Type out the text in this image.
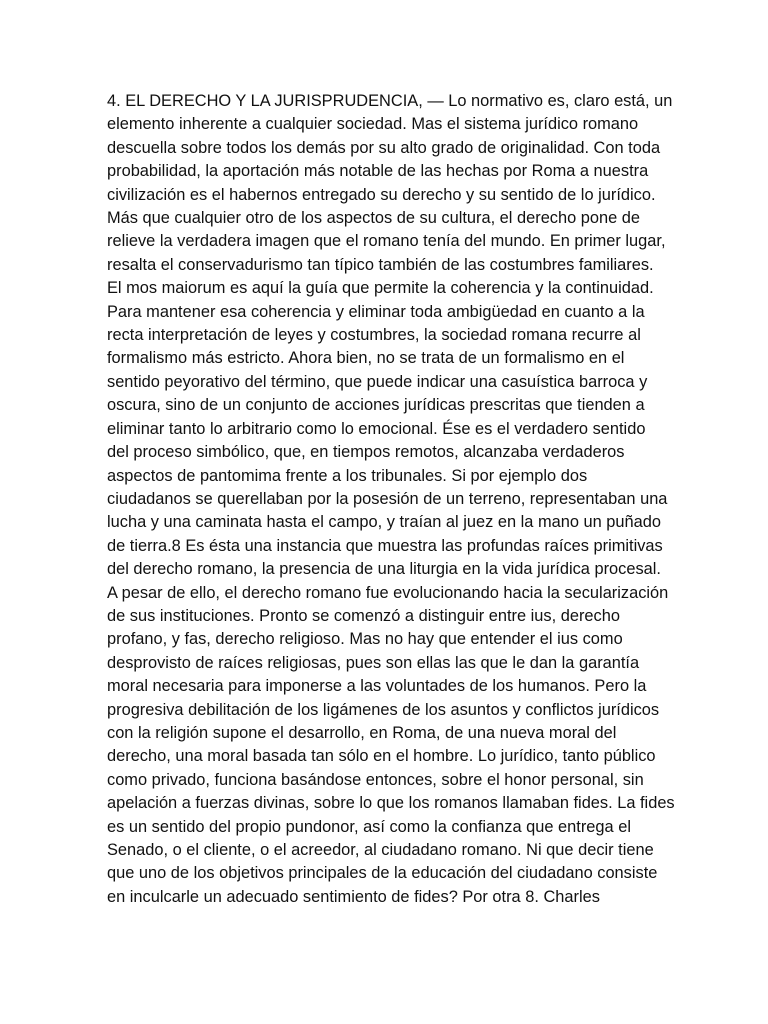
4. EL DERECHO Y LA JURISPRUDENCIA, — Lo normativo es, claro está, un
elemento inherente a cualquier sociedad. Mas el sistema jurídico romano
descuella sobre todos los demás por su alto grado de originalidad. Con toda
probabilidad, la aportación más notable de las hechas por Roma a nuestra
civilización es el habernos entregado su derecho y su sentido de lo jurídico.
Más que cualquier otro de los aspectos de su cultura, el derecho pone de
relieve la verdadera imagen que el romano tenía del mundo. En primer lugar,
resalta el conservadurismo tan típico también de las costumbres familiares.
El mos maiorum es aquí la guía que permite la coherencia y la continuidad.
Para mantener esa coherencia y eliminar toda ambigüedad en cuanto a la
recta interpretación de leyes y costumbres, la sociedad romana recurre al
formalismo más estricto. Ahora bien, no se trata de un formalismo en el
sentido peyorativo del término, que puede indicar una casuística barroca y
oscura, sino de un conjunto de acciones jurídicas prescritas que tienden a
eliminar tanto lo arbitrario como lo emocional. Ése es el verdadero sentido
del proceso simbólico, que, en tiempos remotos, alcanzaba verdaderos
aspectos de pantomima frente a los tribunales. Si por ejemplo dos
ciudadanos se querellaban por la posesión de un terreno, representaban una
lucha y una caminata hasta el campo, y traían al juez en la mano un puñado
de tierra.8 Es ésta una instancia que muestra las profundas raíces primitivas
del derecho romano, la presencia de una liturgia en la vida jurídica procesal.
A pesar de ello, el derecho romano fue evolucionando hacia la secularización
de sus instituciones. Pronto se comenzó a distinguir entre ius, derecho
profano, y fas, derecho religioso. Mas no hay que entender el ius como
desprovisto de raíces religiosas, pues son ellas las que le dan la garantía
moral necesaria para imponerse a las voluntades de los humanos. Pero la
progresiva debilitación de los ligámenes de los asuntos y conflictos jurídicos
con la religión supone el desarrollo, en Roma, de una nueva moral del
derecho, una moral basada tan sólo en el hombre. Lo jurídico, tanto público
como privado, funciona basándose entonces, sobre el honor personal, sin
apelación a fuerzas divinas, sobre lo que los romanos llamaban fides. La fides
es un sentido del propio pundonor, así como la confianza que entrega el
Senado, o el cliente, o el acreedor, al ciudadano romano. Ni que decir tiene
que uno de los objetivos principales de la educación del ciudadano consiste
en inculcarle un adecuado sentimiento de fides? Por otra 8. Charles
